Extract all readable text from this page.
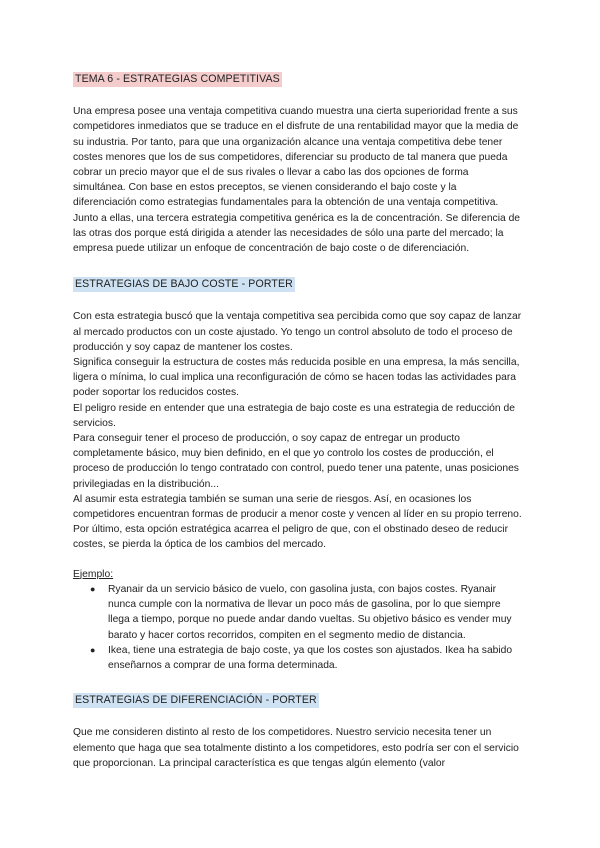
TEMA 6 - ESTRATEGIAS COMPETITIVAS

Una empresa posee una ventaja competitiva cuando muestra una cierta superioridad frente a sus competidores inmediatos que se traduce en el disfrute de una rentabilidad mayor que la media de su industria. Por tanto, para que una organización alcance una ventaja competitiva debe tener costes menores que los de sus competidores, diferenciar su producto de tal manera que pueda cobrar un precio mayor que el de sus rivales o llevar a cabo las dos opciones de forma simultánea. Con base en estos preceptos, se vienen considerando el bajo coste y la diferenciación como estrategias fundamentales para la obtención de una ventaja competitiva. Junto a ellas, una tercera estrategia competitiva genérica es la de concentración. Se diferencia de las otras dos porque está dirigida a atender las necesidades de sólo una parte del mercado; la empresa puede utilizar un enfoque de concentración de bajo coste o de diferenciación.

ESTRATEGIAS DE BAJO COSTE - PORTER

Con esta estrategia buscó que la ventaja competitiva sea percibida como que soy capaz de lanzar al mercado productos con un coste ajustado. Yo tengo un control absoluto de todo el proceso de producción y soy capaz de mantener los costes.

Significa conseguir la estructura de costes más reducida posible en una empresa, la más sencilla, ligera o mínima, lo cual implica una reconfiguración de cómo se hacen todas las actividades para poder soportar los reducidos costes.

El peligro reside en entender que una estrategia de bajo coste es una estrategia de reducción de servicios.

Para conseguir tener el proceso de producción, o soy capaz de entregar un producto completamente básico, muy bien definido, en el que yo controlo los costes de producción, el proceso de producción lo tengo contratado con control, puedo tener una patente, unas posiciones privilegiadas en la distribución...

Al asumir esta estrategia también se suman una serie de riesgos. Así, en ocasiones los competidores encuentran formas de producir a menor coste y vencen al líder en su propio terreno. Por último, esta opción estratégica acarrea el peligro de que, con el obstinado deseo de reducir costes, se pierda la óptica de los cambios del mercado.

Ejemplo:

● Ryanair da un servicio básico de vuelo, con gasolina justa, con bajos costes. Ryanair nunca cumple con la normativa de llevar un poco más de gasolina, por lo que siempre llega a tiempo, porque no puede andar dando vueltas. Su objetivo básico es vender muy barato y hacer cortos recorridos, compiten en el segmento medio de distancia.
● Ikea, tiene una estrategia de bajo coste, ya que los costes son ajustados. Ikea ha sabido enseñarnos a comprar de una forma determinada.
ESTRATEGIAS DE DIFERENCIACIÓN - PORTER

Que me consideren distinto al resto de los competidores. Nuestro servicio necesita tener un elemento que haga que sea totalmente distinto a los competidores, esto podría ser con el servicio que proporcionan. La principal característica es que tengas algún elemento (valor
